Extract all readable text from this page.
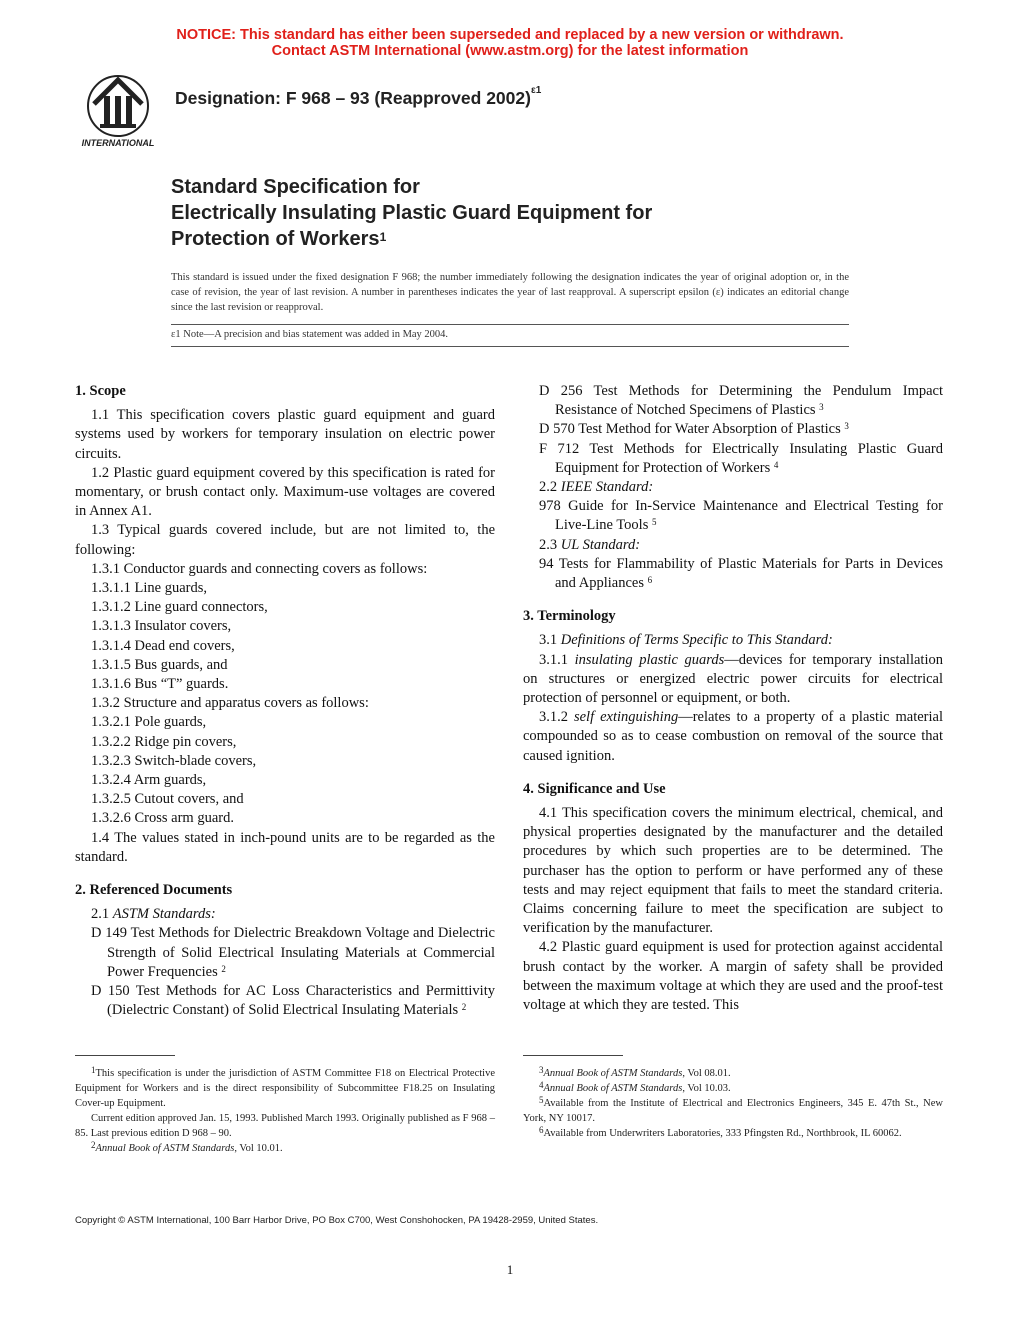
NOTICE: This standard has either been superseded and replaced by a new version or withdrawn.
Contact ASTM International (www.astm.org) for the latest information
INTERNATIONAL
Designation: F 968 – 93 (Reapproved 2002)$^{\varepsilon 1}$
Standard Specification for
Electrically Insulating Plastic Guard Equipment for
Protection of Workers$^1$
This standard is issued under the fixed designation F 968; the number immediately following the designation indicates the year of original adoption or, in the case of revision, the year of last revision. A number in parentheses indicates the year of last reapproval. A superscript epsilon (ε) indicates an editorial change since the last revision or reapproval.
ε1 Note—A precision and bias statement was added in May 2004.

1. Scope

1.1 This specification covers plastic guard equipment and guard systems used by workers for temporary insulation on electric power circuits.

1.2 Plastic guard equipment covered by this specification is rated for momentary, or brush contact only. Maximum-use voltages are covered in Annex A1.

1.3 Typical guards covered include, but are not limited to, the following:

1.3.1 Conductor guards and connecting covers as follows:

1.3.1.1 Line guards,

1.3.1.2 Line guard connectors,

1.3.1.3 Insulator covers,

1.3.1.4 Dead end covers,

1.3.1.5 Bus guards, and

1.3.1.6 Bus “T” guards.

1.3.2 Structure and apparatus covers as follows:

1.3.2.1 Pole guards,

1.3.2.2 Ridge pin covers,

1.3.2.3 Switch-blade covers,

1.3.2.4 Arm guards,

1.3.2.5 Cutout covers, and

1.3.2.6 Cross arm guard.

1.4 The values stated in inch-pound units are to be regarded as the standard.

2. Referenced Documents

2.1 ASTM Standards:

D 149 Test Methods for Dielectric Breakdown Voltage and Dielectric Strength of Solid Electrical Insulating Materials at Commercial Power Frequencies $^2$

D 150 Test Methods for AC Loss Characteristics and Permittivity (Dielectric Constant) of Solid Electrical Insulating Materials $^2$

D 256 Test Methods for Determining the Pendulum Impact Resistance of Notched Specimens of Plastics $^3$

D 570 Test Method for Water Absorption of Plastics $^3$

F 712 Test Methods for Electrically Insulating Plastic Guard Equipment for Protection of Workers $^4$

2.2 IEEE Standard:

978 Guide for In-Service Maintenance and Electrical Testing for Live-Line Tools $^5$

2.3 UL Standard:

94 Tests for Flammability of Plastic Materials for Parts in Devices and Appliances $^6$

3. Terminology

3.1 Definitions of Terms Specific to This Standard:

3.1.1 insulating plastic guards—devices for temporary installation on structures or energized electric power circuits for electrical protection of personnel or equipment, or both.

3.1.2 self extinguishing—relates to a property of a plastic material compounded so as to cease combustion on removal of the source that caused ignition.

4. Significance and Use

4.1 This specification covers the minimum electrical, chemical, and physical properties designated by the manufacturer and the detailed procedures by which such properties are to be determined. The purchaser has the option to perform or have performed any of these tests and may reject equipment that fails to meet the standard criteria. Claims concerning failure to meet the specification are subject to verification by the manufacturer.

4.2 Plastic guard equipment is used for protection against accidental brush contact by the worker. A margin of safety shall be provided between the maximum voltage at which they are used and the proof-test voltage at which they are tested. This

1This specification is under the jurisdiction of ASTM Committee F18 on Electrical Protective Equipment for Workers and is the direct responsibility of Subcommittee F18.25 on Insulating Cover-up Equipment.

Current edition approved Jan. 15, 1993. Published March 1993. Originally published as F 968 – 85. Last previous edition D 968 – 90.

2Annual Book of ASTM Standards, Vol 10.01.

3Annual Book of ASTM Standards, Vol 08.01.

4Annual Book of ASTM Standards, Vol 10.03.

5Available from the Institute of Electrical and Electronics Engineers, 345 E. 47th St., New York, NY 10017.

6Available from Underwriters Laboratories, 333 Pfingsten Rd., Northbrook, IL 60062.

Copyright © ASTM International, 100 Barr Harbor Drive, PO Box C700, West Conshohocken, PA 19428-2959, United States.
1
